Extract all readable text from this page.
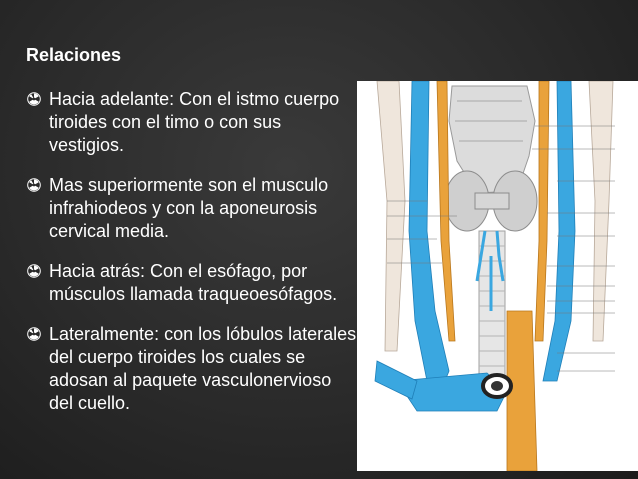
Relaciones
Hacia adelante: Con el istmo cuerpo tiroides con el timo o con sus vestigios.
Mas superiormente son el musculo infrahiodeos y con la aponeurosis cervical media.
Hacia atrás: Con el esófago, por músculos llamada traqueoesófagos.
Lateralmente: con los lóbulos laterales del cuerpo tiroides los cuales se adosan al paquete vasculonervioso del cuello.
